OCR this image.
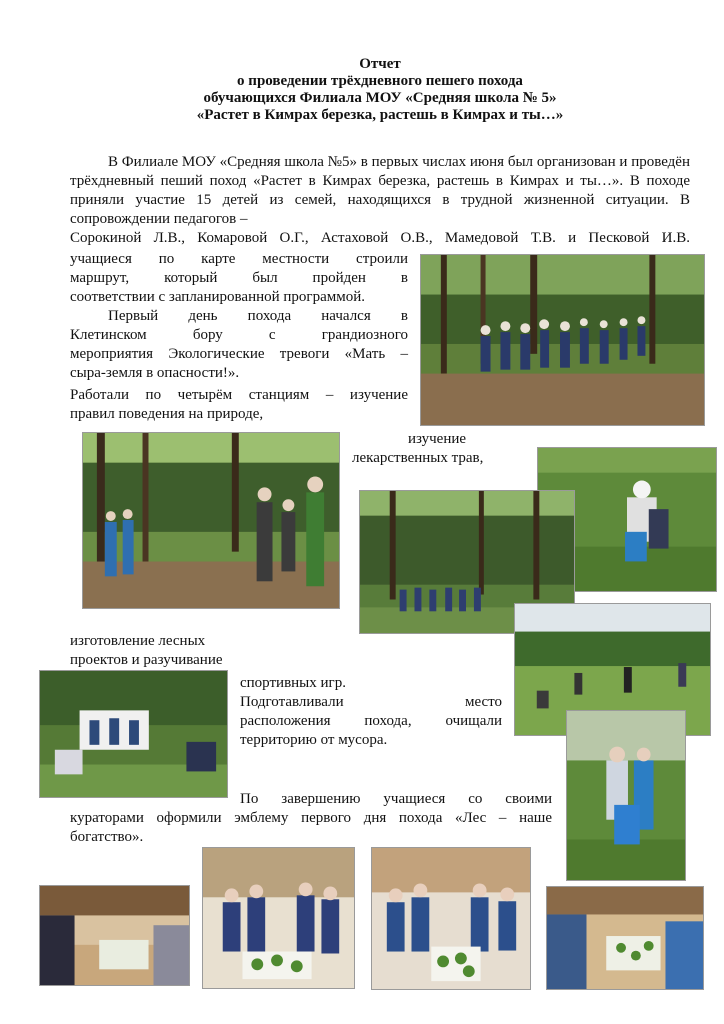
Отчет
о проведении трёхдневного пешего похода
обучающихся Филиала МОУ «Средняя школа № 5»
«Растет в Кимрах березка, растешь в Кимрах и ты…»

В Филиале МОУ «Средняя школа №5» в первых числах июня был организован и проведён трёхдневный пеший поход «Растет в Кимрах березка, растешь в Кимрах и ты…». В походе приняли участие 15 детей из семей, находящихся в трудной жизненной ситуации. В сопровождении педагогов –

Сорокиной Л.В., Комаровой О.Г., Астаховой О.В., Мамедовой Т.В. и Песковой И.В.
учащиеся по карте местности строили
маршрут, который был пройден в
соответствии с запланированной программой.
Первый день похода начался в
Клетинском бору с грандиозного
мероприятия Экологические тревоги «Мать –
сыра-земля в опасности!».
Работали по четырём станциям – изучение
правил поведения на природе,
изучение
лекарственных трав,
изготовление лесных
проектов и разучивание
спортивных игр.
Подготавливали место
расположения похода, очищали
территорию от мусора.
По завершению учащиеся со своими
кураторами оформили эмблему первого дня похода «Лес – наше
богатство».
